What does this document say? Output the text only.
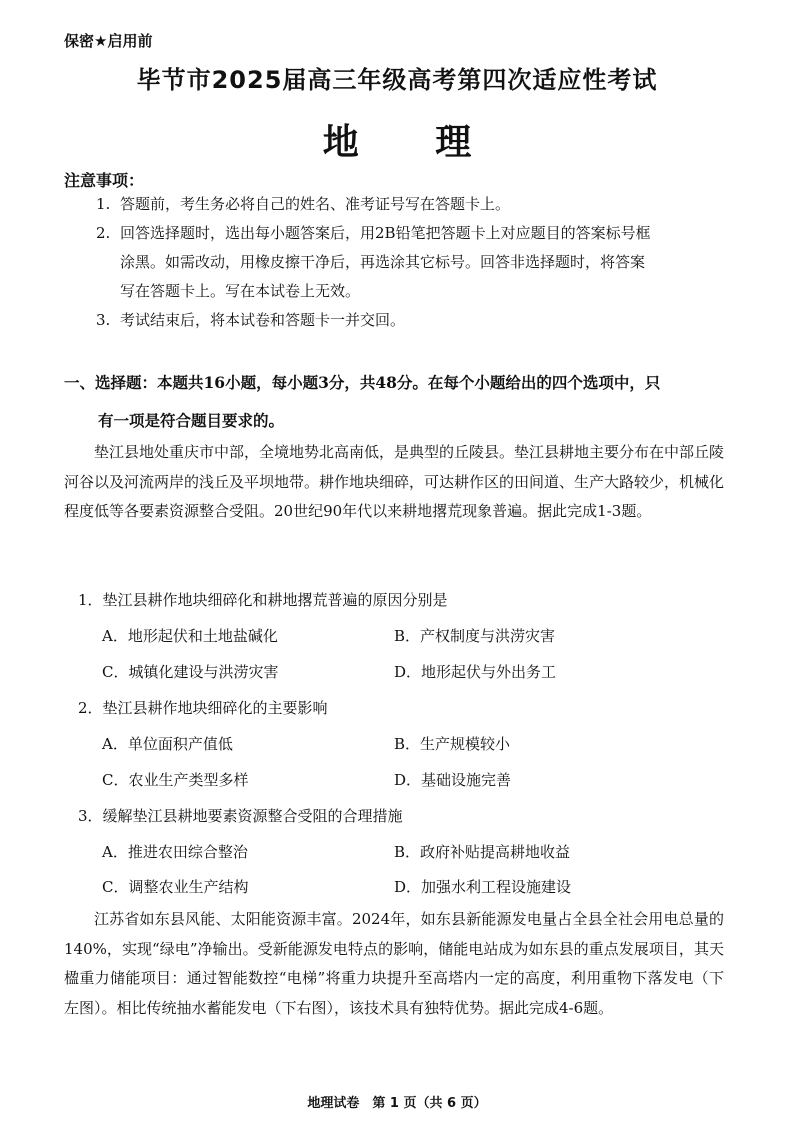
保密★启用前
毕节市2025届高三年级高考第四次适应性考试
地 理
注意事项：
1. 答题前，考生务必将自己的姓名、准考证号写在答题卡上。
2. 回答选择题时，选出每小题答案后，用2B铅笔把答题卡上对应题目的答案标号框
涂黑。如需改动，用橡皮擦干净后，再选涂其它标号。回答非选择题时，将答案
写在答题卡上。写在本试卷上无效。
3. 考试结束后，将本试卷和答题卡一并交回。
一、选择题：本题共16小题，每小题3分，共48分。在每个小题给出的四个选项中，只
有一项是符合题目要求的。
垫江县地处重庆市中部，全境地势北高南低，是典型的丘陵县。垫江县耕地主要分布在中部丘陵河谷以及河流两岸的浅丘及平坝地带。耕作地块细碎，可达耕作区的田间道、生产大路较少，机械化程度低等各要素资源整合受阻。20世纪90年代以来耕地撂荒现象普遍。据此完成1-3题。
1．垫江县耕作地块细碎化和耕地撂荒普遍的原因分别是
A．地形起伏和土地盐碱化	B．产权制度与洪涝灾害
C．城镇化建设与洪涝灾害	D．地形起伏与外出务工
2．垫江县耕作地块细碎化的主要影响
A．单位面积产值低	B．生产规模较小
C．农业生产类型多样	D．基础设施完善
3．缓解垫江县耕地要素资源整合受阻的合理措施
A．推进农田综合整治	B．政府补贴提高耕地收益
C．调整农业生产结构	D．加强水利工程设施建设
江苏省如东县风能、太阳能资源丰富。2024年，如东县新能源发电量占全县全社会用电总量的140%，实现“绿电”净输出。受新能源发电特点的影响，储能电站成为如东县的重点发展项目，其天楹重力储能项目：通过智能数控“电梯”将重力块提升至高塔内一定的高度，利用重物下落发电（下左图）。相比传统抽水蓄能发电（下右图），该技术具有独特优势。据此完成4-6题。
地理试卷　第 1 页（共 6 页）
